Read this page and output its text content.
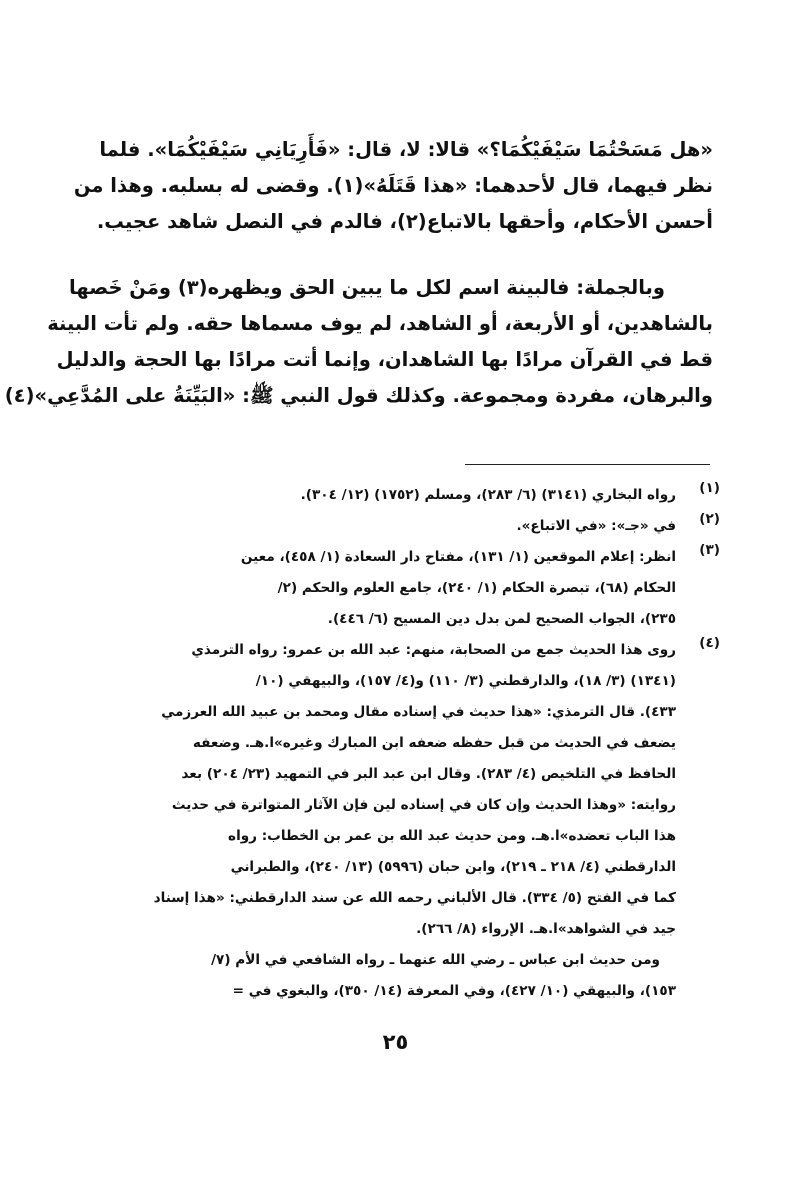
«هل مَسَحْتُمَا سَيْفَيْكُمَا؟» قالا: لا، قال: «فَأَرِيَانِي سَيْفَيْكُمَا». فلما
نظر فيهما، قال لأحدهما: «هذا قَتَلَهُ»(١). وقضى له بسلبه. وهذا من
أحسن الأحكام، وأحقها بالاتباع(٢)، فالدم في النصل شاهد عجيب.
وبالجملة: فالبينة اسم لكل ما يبين الحق ويظهره(٣) ومَنْ خَصها
بالشاهدين، أو الأربعة، أو الشاهد، لم يوف مسماها حقه. ولم تأت البينة
قط في القرآن مرادًا بها الشاهدان، وإنما أتت مرادًا بها الحجة والدليل
والبرهان، مفردة ومجموعة. وكذلك قول النبي ﷺ: «البَيِّنَةُ على المُدَّعِي»(٤)
(١)
رواه البخاري (٣١٤١) (٦/ ٢٨٣)، ومسلم (١٧٥٢) (١٢/ ٣٠٤).
(٢)
في «جـ»: «في الاتباع».
(٣)
انظر: إعلام الموقعين (١/ ١٣١)، مفتاح دار السعادة (١/ ٤٥٨)، معين
الحكام (٦٨)، تبصرة الحكام (١/ ٢٤٠)، جامع العلوم والحكم (٢/
٢٣٥)، الجواب الصحيح لمن بدل دين المسيح (٦/ ٤٤٦).
(٤)
روى هذا الحديث جمع من الصحابة، منهم: عبد الله بن عمرو: رواه الترمذي
(١٣٤١) (٣/ ١٨)، والدارقطني (٣/ ١١٠) و(٤/ ١٥٧)، والبيهقي (١٠/
٤٣٣). قال الترمذي: «هذا حديث في إسناده مقال ومحمد بن عبيد الله العرزمي
يضعف في الحديث من قبل حفظه ضعفه ابن المبارك وغيره»ا.هـ. وضعفه
الحافظ في التلخيص (٤/ ٢٨٣). وقال ابن عبد البر في التمهيد (٢٣/ ٢٠٤) بعد
روايته: «وهذا الحديث وإن كان في إسناده لين فإن الآثار المتواترة في حديث
هذا الباب تعضده»ا.هـ. ومن حديث عبد الله بن عمر بن الخطاب: رواه
الدارقطني (٤/ ٢١٨ ـ ٢١٩)، وابن حبان (٥٩٩٦) (١٣/ ٢٤٠)، والطبراني
كما في الفتح (٥/ ٣٣٤). قال الألباني رحمه الله عن سند الدارقطني: «هذا إسناد
جيد في الشواهد»ا.هـ. الإرواء (٨/ ٢٦٦).
ومن حديث ابن عباس ـ رضي الله عنهما ـ رواه الشافعي في الأم (٧/
١٥٣)، والبيهقي (١٠/ ٤٢٧)، وفي المعرفة (١٤/ ٣٥٠)، والبغوي في =
٢٥
